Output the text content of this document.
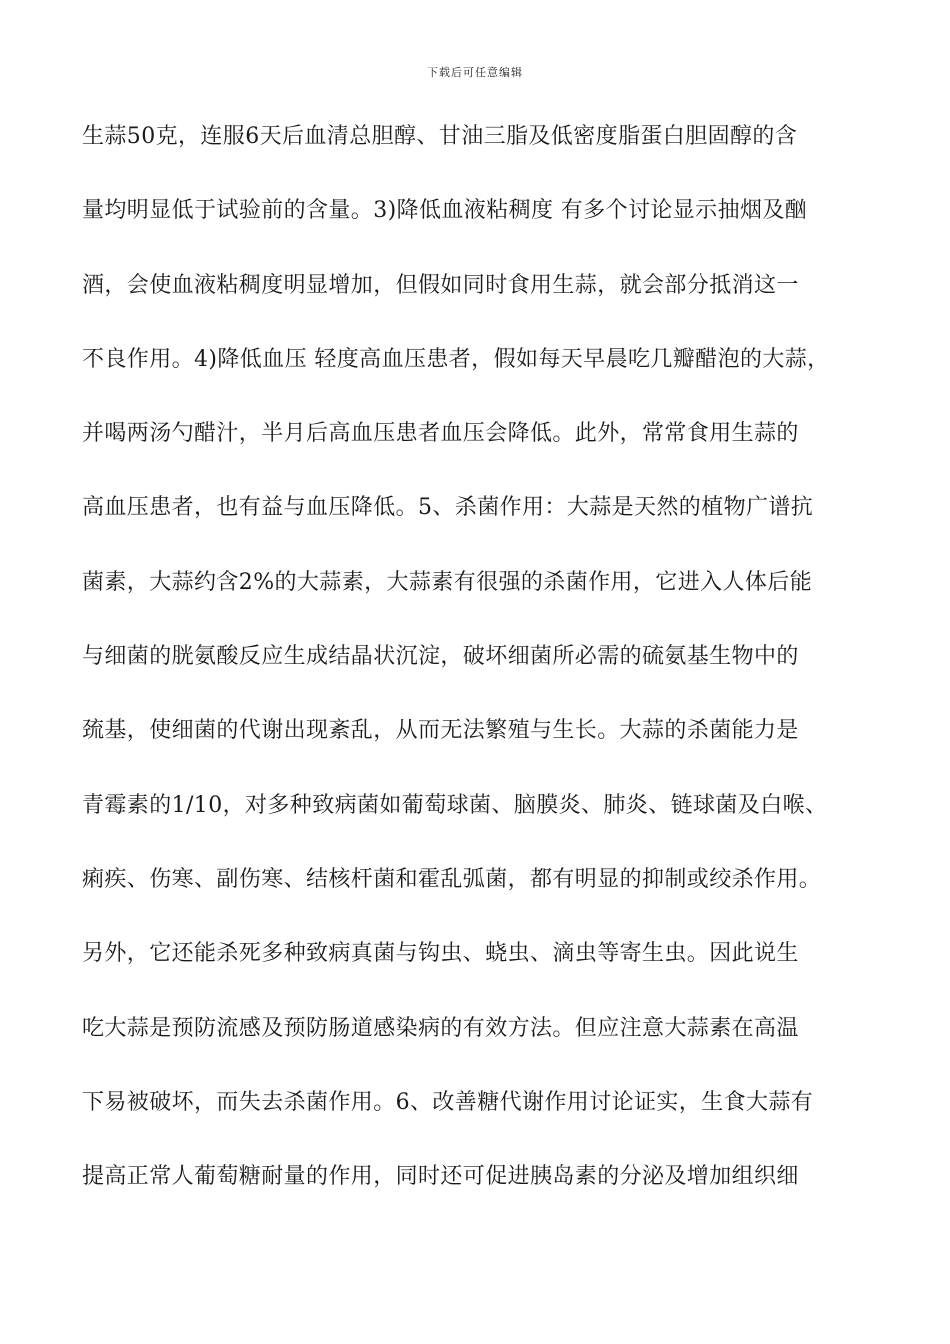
下载后可任意编辑
生蒜50克，连服6天后血清总胆醇、甘油三脂及低密度脂蛋白胆固醇的含
量均明显低于试验前的含量。3)降低血液粘稠度 有多个讨论显示抽烟及酗
酒，会使血液粘稠度明显增加，但假如同时食用生蒜，就会部分抵消这一
不良作用。4)降低血压 轻度高血压患者，假如每天早晨吃几瓣醋泡的大蒜，
并喝两汤勺醋汁，半月后高血压患者血压会降低。此外，常常食用生蒜的
高血压患者，也有益与血压降低。5、杀菌作用：大蒜是天然的植物广谱抗
菌素，大蒜约含2%的大蒜素，大蒜素有很强的杀菌作用，它进入人体后能
与细菌的胱氨酸反应生成结晶状沉淀，破坏细菌所必需的硫氨基生物中的
巯基，使细菌的代谢出现紊乱，从而无法繁殖与生长。大蒜的杀菌能力是
青霉素的1/10，对多种致病菌如葡萄球菌、脑膜炎、肺炎、链球菌及白喉、
痢疾、伤寒、副伤寒、结核杆菌和霍乱弧菌，都有明显的抑制或绞杀作用。
另外，它还能杀死多种致病真菌与钩虫、蛲虫、滴虫等寄生虫。因此说生
吃大蒜是预防流感及预防肠道感染病的有效方法。但应注意大蒜素在高温
下易被破坏，而失去杀菌作用。6、改善糖代谢作用讨论证实，生食大蒜有
提高正常人葡萄糖耐量的作用，同时还可促进胰岛素的分泌及增加组织细
